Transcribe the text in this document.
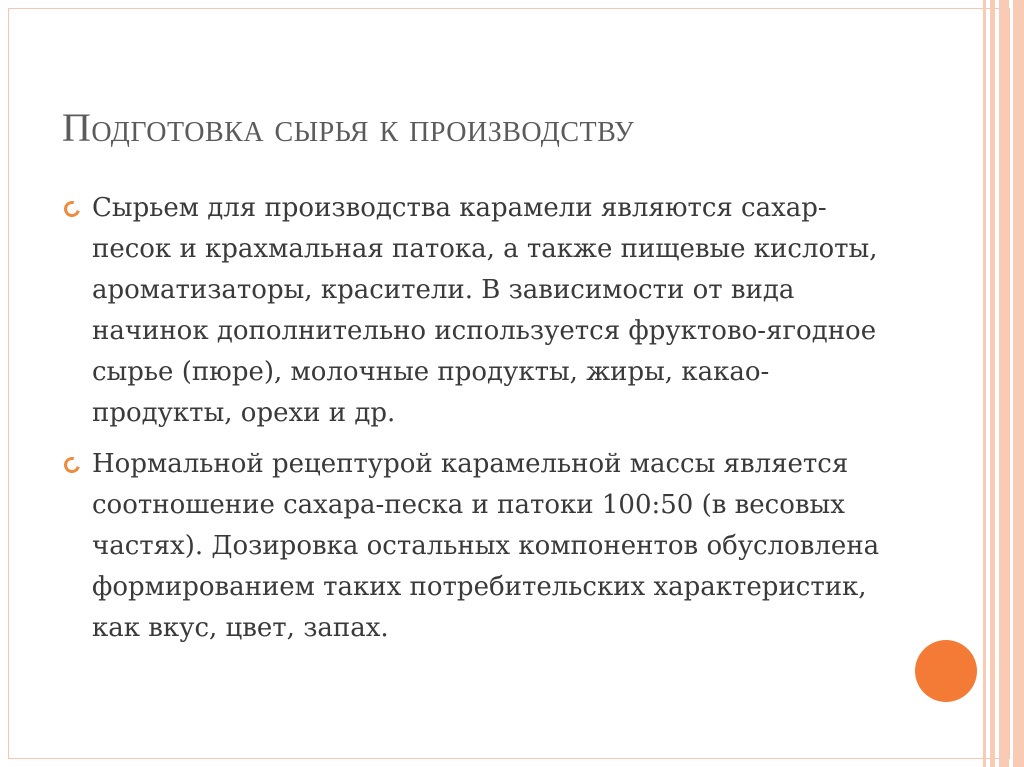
Подготовка сырья к производству
Сырьем для производства карамели являются сахар-песок и крахмальная патока, а также пищевые кислоты, ароматизаторы, красители. В зависимости от вида начинок дополнительно используется фруктово-ягодное сырье (пюре), молочные продукты, жиры, какао-продукты, орехи и др.
Нормальной рецептурой карамельной массы является соотношение сахара-песка и патоки 100:50 (в весовых частях). Дозировка остальных компонентов обусловлена формированием таких потребительских характеристик, как вкус, цвет, запах.
